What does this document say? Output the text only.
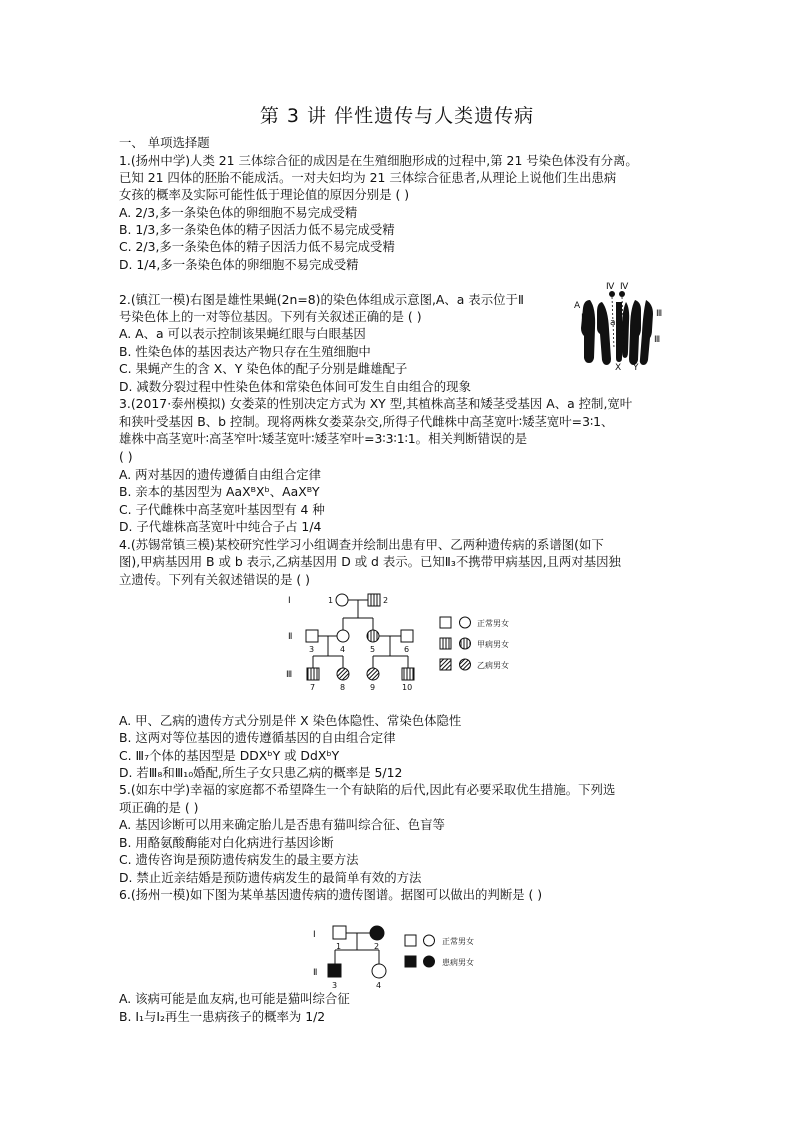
第 3 讲 伴性遗传与人类遗传病
一、 单项选择题
1.(扬州中学)人类 21 三体综合征的成因是在生殖细胞形成的过程中,第 21 号染色体没有分离。
已知 21 四体的胚胎不能成活。一对夫妇均为 21 三体综合征患者,从理论上说他们生出患病
女孩的概率及实际可能性低于理论值的原因分别是 ( )
A. 2/3,多一条染色体的卵细胞不易完成受精
B. 1/3,多一条染色体的精子因活力低不易完成受精
C. 2/3,多一条染色体的精子因活力低不易完成受精
D. 1/4,多一条染色体的卵细胞不易完成受精
2.(镇江一模)右图是雄性果蝇(2n=8)的染色体组成示意图,A、a 表示位于Ⅱ
号染色体上的一对等位基因。下列有关叙述正确的是 ( )
A. A、a 可以表示控制该果蝇红眼与白眼基因
B. 性染色体的基因表达产物只存在生殖细胞中
C. 果蝇产生的含 X、Y 染色体的配子分别是雌雄配子
D. 减数分裂过程中性染色体和常染色体间可发生自由组合的现象
Ⅳ Ⅳ
A
a
Ⅱ	Ⅲ
Ⅱ	Ⅲ
X Y
3.(2017·泰州模拟) 女娄菜的性别决定方式为 XY 型,其植株高茎和矮茎受基因 A、a 控制,宽叶
和狭叶受基因 B、b 控制。现将两株女娄菜杂交,所得子代雌株中高茎宽叶∶矮茎宽叶=3∶1、
雄株中高茎宽叶∶高茎窄叶∶矮茎宽叶∶矮茎窄叶=3∶3∶1∶1。相关判断错误的是
( )
A. 两对基因的遗传遵循自由组合定律
B. 亲本的基因型为 AaXᴮXᵇ、AaXᴮY
C. 子代雌株中高茎宽叶基因型有 4 种
D. 子代雄株高茎宽叶中纯合子占 1/4
4.(苏锡常镇三模)某校研究性学习小组调查并绘制出患有甲、乙两种遗传病的系谱图(如下
图),甲病基因用 B 或 b 表示,乙病基因用 D 或 d 表示。已知Ⅱ₃不携带甲病基因,且两对基因独
立遗传。下列有关叙述错误的是 ( )
Ⅰ
Ⅱ
Ⅲ
1	2
3	4	5	6
7	8	9	10
正常男女
甲病男女
乙病男女
A. 甲、乙病的遗传方式分别是伴 X 染色体隐性、常染色体隐性
B. 这两对等位基因的遗传遵循基因的自由组合定律
C. Ⅲ₇个体的基因型是 DDXᵇY 或 DdXᵇY
D. 若Ⅲ₈和Ⅲ₁₀婚配,所生子女只患乙病的概率是 5/12
5.(如东中学)幸福的家庭都不希望降生一个有缺陷的后代,因此有必要采取优生措施。下列选
项正确的是 ( )
A. 基因诊断可以用来确定胎儿是否患有猫叫综合征、色盲等
B. 用酪氨酸酶能对白化病进行基因诊断
C. 遗传咨询是预防遗传病发生的最主要方法
D. 禁止近亲结婚是预防遗传病发生的最简单有效的方法
6.(扬州一模)如下图为某单基因遗传病的遗传图谱。据图可以做出的判断是 ( )
Ⅰ
Ⅱ
1	2
3	4
正常男女
患病男女
A. 该病可能是血友病,也可能是猫叫综合征
B. Ⅰ₁与Ⅰ₂再生一患病孩子的概率为 1/2
